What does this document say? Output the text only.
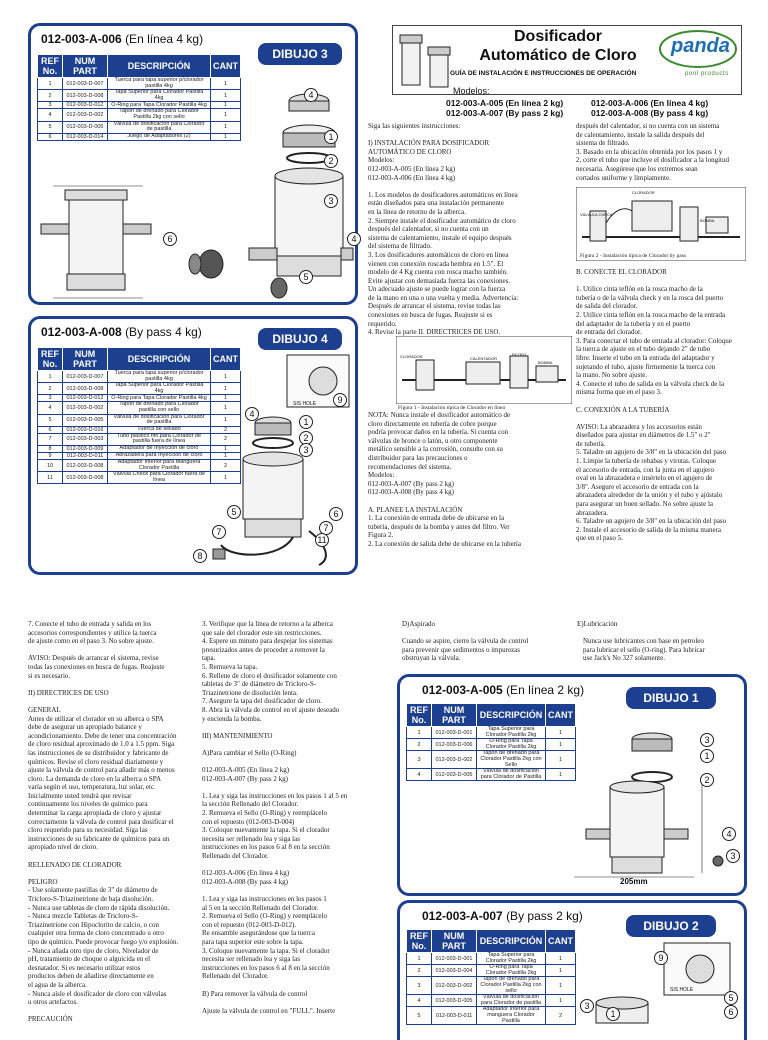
012-003-A-006 (En línea 4 kg)
DIBUJO 3
REF No.	NUM PART	DESCRIPCIÓN	CANT
1	012-003-D-007	Tuerca para tapa superior p/clorador pastilla 4kg	1
2	012-003-D-008	Tapa Superior para Clorador Pastilla 4kg	1
3	012-003-D-012	O-Ring para Tapa Clorador Pastilla 4kg	1
4	012-003-D-002	Tapon de drenado para Clorador Pastilla 2kg con sello	1
5	012-003-D-005	Válvula de dosificación para Clorador de pastilla	1
6	012-003-D-014	Juego de Adaptadores (2)	1
4
1
2
3
6
5
4
012-003-A-008 (By pass 4 kg)	DIBUJO 4
REF No.	NUM PART	DESCRIPCIÓN	CANT
1	012-003-D-007	Tuerca para tapa superior p/clorador pastilla 4kg	1
2	012-003-D-008	Tapa Superior para Clorador Pastilla 4kg	1
3	012-003-D-012	O-Ring para Tapa Clorador Pastilla 4kg	1
4	012-003-D-002	Tapon de drenado para Clorador pastilla con sello	1
5	012-003-D-005	Válvula de dosificación para Clorador de pastilla	1
6	012-003-D-016	Tuerca de sellado	2
7	012-003-D-003	Tubo plástico fifo para Clorador de pastilla fuera de línea	2
8	012-003-D-009	Adaptador de Inyección de cloro	1
9	012-003-D-011	Abrazadera para Inyección de cloro	1
10	012-003-D-008	Adaptador Interior para Manguera Clorador Pastilla	2
11	012-003-D-008	Válvula Check para Clorador fuera de línea	1
SIS HOLE
4
1
2
3
9
5	6
7	7
11
8
Dosificador
Automático de Cloro	panda
pool products
GUÍA DE INSTALACIÓN E INSTRUCCIONES DE OPERACIÓN
Modelos:
012-003-A-005 (En línea 2 kg)
012-003-A-007 (By pass 2 kg)
012-003-A-006 (En línea 4 kg)
012-003-A-008 (By pass 4 kg)
Siga las siguientes instrucciones:

I) INSTALACIÓN PARA DOSIFICADOR
AUTOMÁTICO DE CLORO
Modelos:
012-003-A-005 (En línea 2 kg)
012-003-A-006 (En línea 4 kg)

1. Los modelos de dosificadores automáticos en línea
están diseñados para una instalación permanente
en la línea de retorno de la alberca.
2. Siempre instale el dosificador automático de cloro
después del calentador, si no cuenta con un
sistema de calentamiento, instale el equipo después
del sistema de filtrado.
3. Los dosificadores automáticos de cloro en línea
vienen con conexión roscada hembra en 1.5". El
modelo de 4 Kg cuenta con rosca macho también.
Evite ajustar con demasiada fuerza las conexiones.
Un adecuado ajuste se puede lograr con la fuerza
de la mano en una o una vuelta y media. Advertencia:
Después de arrancar el sistema, revise todas las
conexiones en busca de fugas. Reajuste si es
requerido.
4. Revise la parte II. DIRECTRICES DE USO.
CLORADOR	CALENTADOR
FILTRO
BOMBA
Figura 1 - Instalación típica de Clorador en línea
NOTA: Nunca instale el dosificador automático de
cloro directamente en tubería de cobre porque
podría provocar daños en la tubería. Si cuenta con
válvulas de bronce o latón, u otro componente
metálico sensible a la corrosión, consulte con su
distribuidor para las precauciones o
recomendaciones del sistema.
Modelos:
012-003-A-007 (By pass 2 kg)
012-003-A-008 (By pass 4 kg)

A. PLANEE LA INSTALACIÓN
1. La conexión de entrada debe de ubicarse en la
tubería, después de la bomba y antes del filtro. Ver
Figura 2.
2. La conexión de salida debe de ubicarse en la tubería
después del calentador, si no cuenta con un sistema
de calentamiento, instale la salida después del
sistema de filtrado.
3. Basado en la ubicación obtenida por los pasos 1 y
2, corte el tubo que incluye el dosificador a la longitud
necesaria. Asegúrese que los extremos sean
cortados uniforme y limpiamente.
CLORADOR
VÁLVULA CHECK
BOMBA
Figura 2 - Instalación típica de Clorador by pass
B. CONECTE EL CLORADOR

1. Utilice cinta teflón en la rosca macho de la
tubería o de la válvula check y en la rosca del puerto
de salida del clorador.
2. Utilice cinta teflón en la rosca macho de la entrada
del adaptador de la tubería y en el puerto
de entrada del clorador.
3. Para conectar el tubo de entrada al clorador: Coloque
la tuerca de ajuste en el tubo dejando 2" de tubo
libre. Inserte el tubo en la entrada del adaptador y
sujetando el tubo, ajuste firmemente la tuerca con
la mano. No sobre ajuste.
4. Conecte el tubo de salida en la válvula check de la
misma forma que en el paso 3.

C. CONEXIÓN A LA TUBERÍA

AVISO: La abrazadera y los accesorios están
diseñados para ajustar en diámetros de 1.5" o 2"
de tubería.
5. Taladre un agujero de 3/8" en la ubicación del paso
1. Limpie la tubería de rebabas y virutas. Coloque
el accesorio de entrada, con la junta en el agujero
oval en la abrazadera e insértelo en el agujero de
3/8". Asegure el accesorio de entrada con la
abrazadera alrededor de la unión y el tubo y ajústalo
para asegurar un buen sellado. No sobre ajuste la
abrazadera.
6. Taladre un agujero de 3/8" en la ubicación del paso
2. Instale el accesorio de salida de la misma manera
que en el paso 5.
7. Conecte el tubo de entrada y salida en los
accesorios correspondientes y utilice la tuerca
de ajuste como en el paso 3. No sobre ajuste.

AVISO: Después de arrancar el sistema, revise
todas las conexiones en busca de fugas. Reajuste
si es necesario.

II) DIRECTRICES DE USO

GENERAL
Antes de utilizar el clorador en su alberca o SPA
debe de asegurar un apropiado balance y
acondicionamiento. Debe de tener una concentración
de cloro residual aproximado de 1.0 a 1.5 ppm. Siga
las instrucciones de su distribuidor y fabricante de
químicos. Revise el cloro residual diariamente y
ajuste la válvula de control para añadir más o menos
cloro. La demanda de cloro en la alberca o SPA
varía según el uso, temperatura, luz solar, etc.
Inicialmente usted tendrá que revisar
continuamente los niveles de químico para
determinar la carga apropiada de cloro y ajustar
correctamente la válvula de control para dosificar el
cloro requerido para su necesidad. Siga las
instrucciones de su fabricante de químicos para un
apropiado nivel de cloro.

RELLENADO DE CLORADOR

PELIGRO
- Use solamente pastillas de 3" de diámetro de
Tricloro-S-Triazinetrione de baja disolución.
- Nunca use tabletas de cloro de rápida disolución.
- Nunca mezcle Tabletas de Tricloro-S-
Triazinetrione con Hipoclorito de calcio, o con
cualquier otra forma de cloro concentrado u otro
tipo de químico. Puede provocar fuego y/o explosión.
- Nunca añada otro tipo de cloro, Nivelador de
pH, tratamiento de choque o alguicida en el
desnatador. Si es necesario utilizar estos
productos deben de añadirse directamente en
el agua de la alberca.
- Nunca aísle el dosificador de cloro con válvulas
u otros artefactos.

PRECAUCIÓN
3. Verifique que la línea de retorno a la alberca
que sale del clorador este sin restricciones.
4. Espere un minuto para despejar los sistemas
presurizados antes de proceder a remover la
tapa.
5. Remueva la tapa.
6. Rellene de cloro el dosificador solamente con
tabletas de 3" de diámetro de Tricloro-S-
Triazinetrione de disolución lenta.
7. Asegure la tapa del dosificador de cloro.
8. Abra la válvula de control en el ajuste deseado
y encienda la bomba.

III) MANTENIMIENTO

A)Para cambiar el Sello (O-Ring)

012-003-A-005 (En línea 2 kg)
012-003-A-007 (By pass 2 kg)

1. Lea y siga las instrucciones en los pasos 1 al 5 en
la sección Rellenado del Clorador.
2. Remueva el Sello (O-Ring) y reemplácelo
con el repuesto (012-003-D-004)
3. Coloque nuevamente la tapa. Si el clorador
necesita ser rellenado lea y siga las
instrucciones en los pasos 6 al 8 en la sección
Rellenado del Clorador.

012-003-A-006 (En línea 4 kg)
012-003-A-008 (By pass 4 kg)

1. Lea y siga las instrucciones en los pasos 1
al 5 en la sección Rellenado del Clorador.
2. Remueva el Sello (O-Ring) y reemplácelo
con el repuesto (012-003-D-012).
Re ensamble asegurándose que la tuerca
para tapa superior este sobre la tapa.
3. Coloque nuevamente la tapa. Si el clorador
necesita ser rellenado lea y siga las
instrucciones en los pasos 6 al 8 en la sección
Rellenado del Clorador.

B) Para remover la válvula de control

Ajuste la válvula de control en "FULL". Inserte
D)Aspirado
Cuando se aspire, cierre la válvula de control
para prevenir que sedimentos o impurezas
obstruyan la válvula.
E)Lubricación
Nunca use lubricantes con base en petroleo
para lubricar el sello (O-ring). Para lubricar
use Jack's No 327 solamente.
012-003-A-005 (En línea 2 kg)
DIBUJO 1
REF No.	NUM PART	DESCRIPCIÓN	CANT
1	012-003-D-001	Tapa Superior para Clorador Pastilla 2kg	1
2	012-003-D-006	O-Ring para Tapa Clorador Pastilla 2kg	1
3	012-003-D-002	Tapon de drenado para Clorador Pastilla 2kg con Sello	1
4	012-003-D-005	Válvula de dosificación para Clorador de Pastilla	1
3
1
2
4
3
205mm
012-003-A-007 (By pass 2 kg)
DIBUJO 2
REF No.	NUM PART	DESCRIPCIÓN	CANT
1	012-003-D-001	Tapa Superior para Clorador Pastilla 2kg	1
2	012-003-D-004	O-Ring para Tapa Clorador Pastilla 2kg	1
3	012-003-D-002	Tapon de drenado para Clorador Pastilla 2kg con sello	1
4	012-003-D-005	Válvula de dosificación para Clorador de pastilla	1
5	012-003-D-011	Adaptador Interior para manguera Clorador Pastilla	2
SIS HOLE
9
5
6
3
1
